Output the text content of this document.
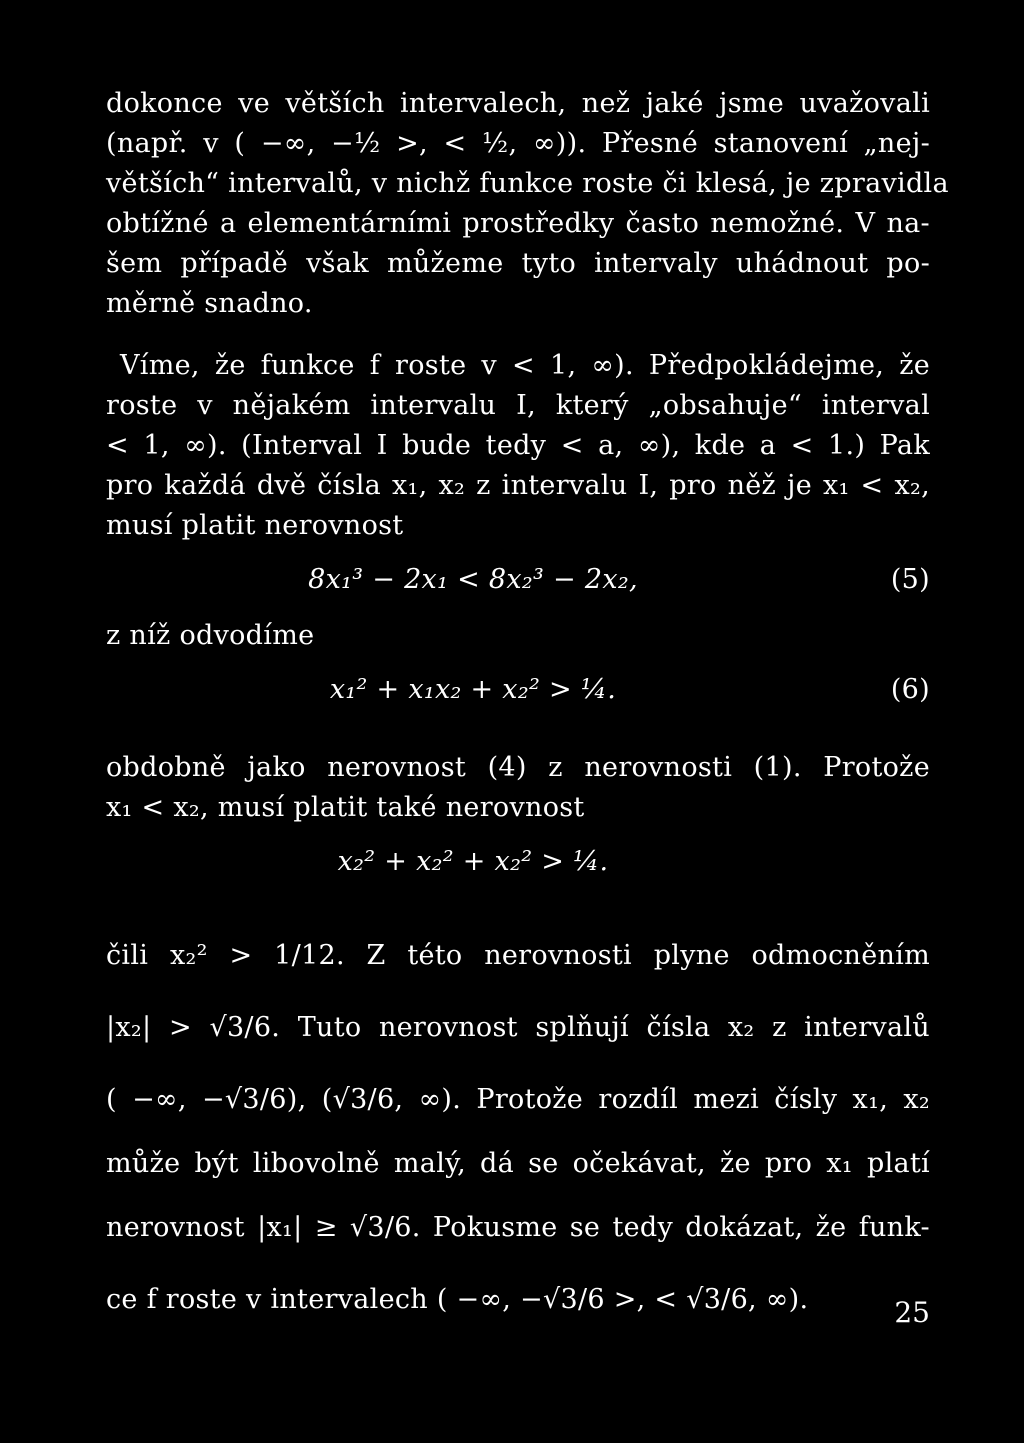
dokonce ve větších intervalech, než jaké jsme uvažovali
(např. v ( −∞, −½ >, < ½, ∞)). Přesné stanovení „nej-
větších“ intervalů, v nichž funkce roste či klesá, je zpravidla
obtížné a elementárními prostředky často nemožné. V na-
šem případě však můžeme tyto intervaly uhádnout po-
měrně snadno.
Víme, že funkce f roste v < 1, ∞). Předpokládejme, že
roste v nějakém intervalu I, který „obsahuje“ interval
< 1, ∞). (Interval I bude tedy < a, ∞), kde a < 1.) Pak
pro každá dvě čísla x₁, x₂ z intervalu I, pro něž je x₁ < x₂,
musí platit nerovnost
8x₁³ − 2x₁ < 8x₂³ − 2x₂,	(5)

z níž odvodíme

x₁² + x₁x₂ + x₂² > ¼.	(6)
obdobně jako nerovnost (4) z nerovnosti (1). Protože
x₁ < x₂, musí platit také nerovnost
x₂² + x₂² + x₂² > ¼.
čili x₂² > 1/12. Z této nerovnosti plyne odmocněním
|x₂| > √3/6. Tuto nerovnost splňují čísla x₂ z intervalů
( −∞, −√3/6), (√3/6, ∞). Protože rozdíl mezi čísly x₁, x₂
může být libovolně malý, dá se očekávat, že pro x₁ platí
nerovnost |x₁| ≥ √3/6. Pokusme se tedy dokázat, že funk-
ce f roste v intervalech ( −∞, −√3/6 >, < √3/6, ∞).	25
